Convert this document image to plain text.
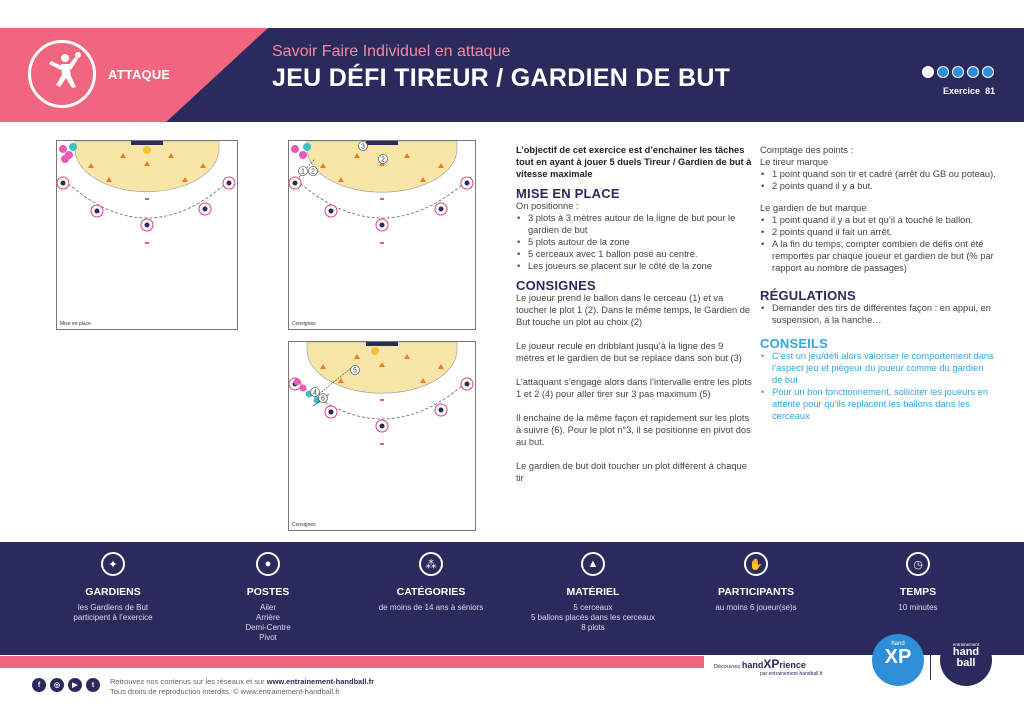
ATTAQUE
Savoir Faire Individuel en attaque
JEU DÉFI TIREUR / GARDIEN DE BUT	Exercice 81
Mise en place
3
1 2
2
Consignes
5
4
6
Consignes

L’objectif de cet exercice est d’enchainer les tâches tout en ayant à jouer 5 duels Tireur / Gardien de but à vitesse maximale

MISE EN PLACE

On positionne :

• 3 plots à 3 mètres autour de la ligne de but pour le gardien de but
• 5 plots autour de la zone
• 5 cerceaux avec 1 ballon posé au centre.
• Les joueurs se placent sur le côté de la zone
CONSIGNES

Le joueur prend le ballon dans le cerceau (1) et va toucher le plot 1 (2). Dans le même temps, le Gardien de But touche un plot au choix (2)

Le joueur recule en dribblant jusqu’à la ligne des 9 mètres et le gardien de but se replace dans son but (3)

L’attaquant s’engage alors dans l’intervalle entre les plots 1 et 2 (4) pour aller tirer sur 3 pas maximum (5)

Il enchaine de la même façon et rapidement sur les plots à suivre (6). Pour le plot n°3, il se positionne en pivot dos au but.

Le gardien de but doit toucher un plot différent à chaque tir

Comptage des points :

Le tireur marque

• 1 point quand son tir et cadré (arrêt du GB ou poteau).
• 2 points quand il y a but.

Le gardien de but marque

• 1 point quand il y a but et qu’il a touché le ballon.
• 2 points quand il fait un arrêt.
• A la fin du temps, compter combien de défis ont été remportés par chaque joueur et gardien de but (% par rapport au nombre de passages)
RÉGULATIONS
• Demander des tirs de différentes façon : en appui, en suspension, à la hanche…
CONSEILS
• C’est un jeu/défi alors valoriser le comportement dans l’aspect jeu et piégeur du joueur comme du gardien de but
• Pour un bon fonctionnement, solliciter les joueurs en attente pour qu’ils replacent les ballons dans les cerceaux
✦
GARDIENS
les Gardiens de But
participent à l’exercice
●
POSTES
Ailer
Arrière
Demi-Centre
Pivot
⁂
CATÉGORIES
de moins de 14 ans à séniors
▲
MATÉRIEL
5 cerceaux
5 ballons placés dans les cerceaux
8 plots
✋
PARTICIPANTS
au moins 6 joueur(se)s
◷
TEMPS
10 minutes
Découvrez handXPrience
par entrainement-handball.fr
hand
XP
entrainement
hand
ball
f	◎	▶	t	Retrouvez nos contenus sur les réseaux et sur www.entrainement-handball.fr
Tous droits de reproduction interdits. © www.entrainement-handball.fr
